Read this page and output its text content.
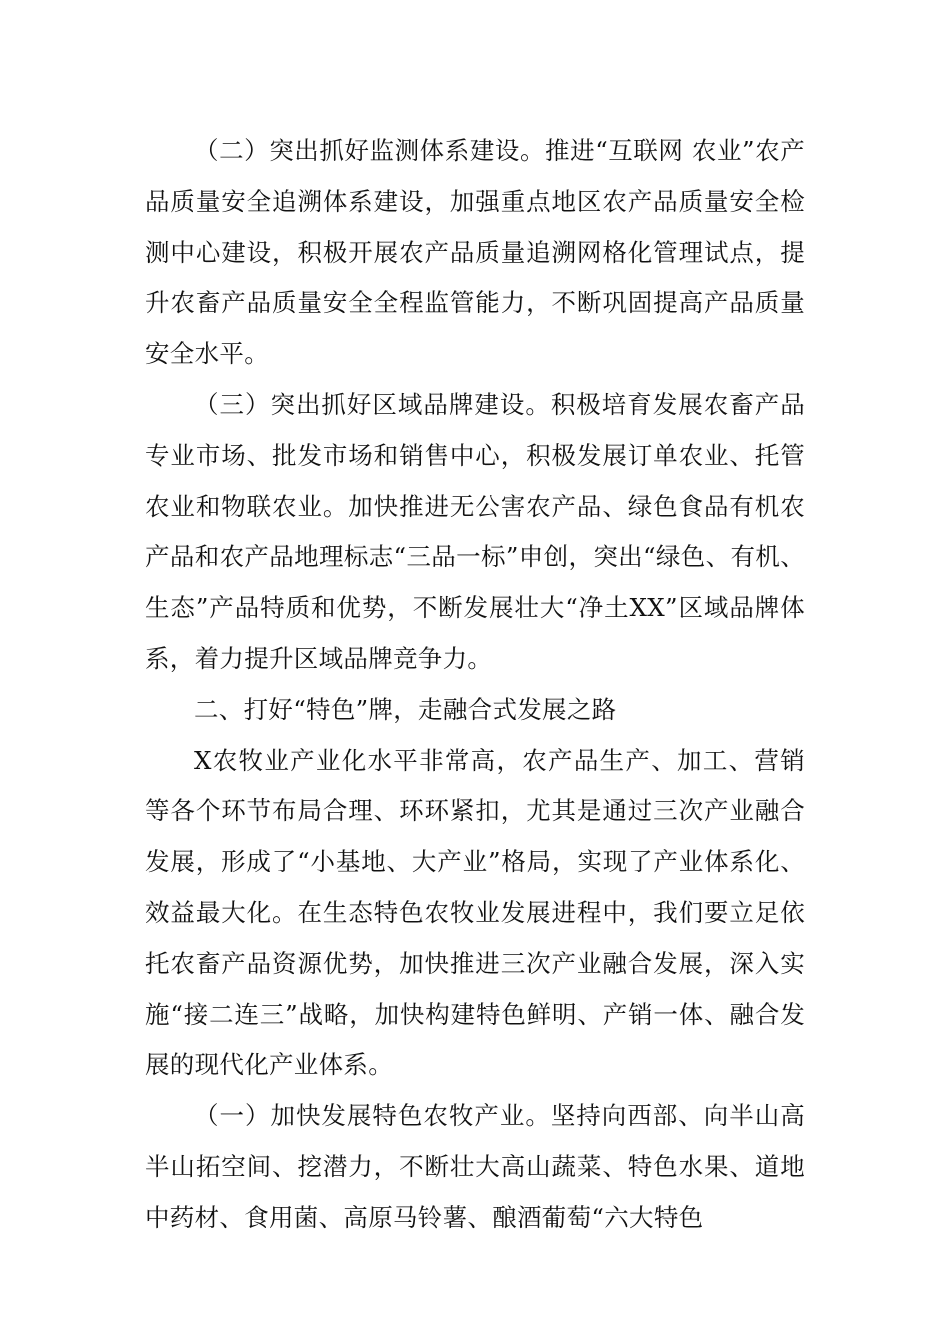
（二）突出抓好监测体系建设。推进“互联网 农业”农产品质量安全追溯体系建设，加强重点地区农产品质量安全检测中心建设，积极开展农产品质量追溯网格化管理试点，提升农畜产品质量安全全程监管能力，不断巩固提高产品质量安全水平。

（三）突出抓好区域品牌建设。积极培育发展农畜产品专业市场、批发市场和销售中心，积极发展订单农业、托管农业和物联农业。加快推进无公害农产品、绿色食品有机农产品和农产品地理标志“三品一标”申创，突出“绿色、有机、生态”产品特质和优势，不断发展壮大“净土XX”区域品牌体系，着力提升区域品牌竞争力。

二、打好“特色”牌，走融合式发展之路

X农牧业产业化水平非常高，农产品生产、加工、营销等各个环节布局合理、环环紧扣，尤其是通过三次产业融合发展，形成了“小基地、大产业”格局，实现了产业体系化、效益最大化。在生态特色农牧业发展进程中，我们要立足依托农畜产品资源优势，加快推进三次产业融合发展，深入实施“接二连三”战略，加快构建特色鲜明、产销一体、融合发展的现代化产业体系。

（一）加快发展特色农牧产业。坚持向西部、向半山高半山拓空间、挖潜力，不断壮大高山蔬菜、特色水果、道地中药材、食用菌、高原马铃薯、酿酒葡萄“六大特色
